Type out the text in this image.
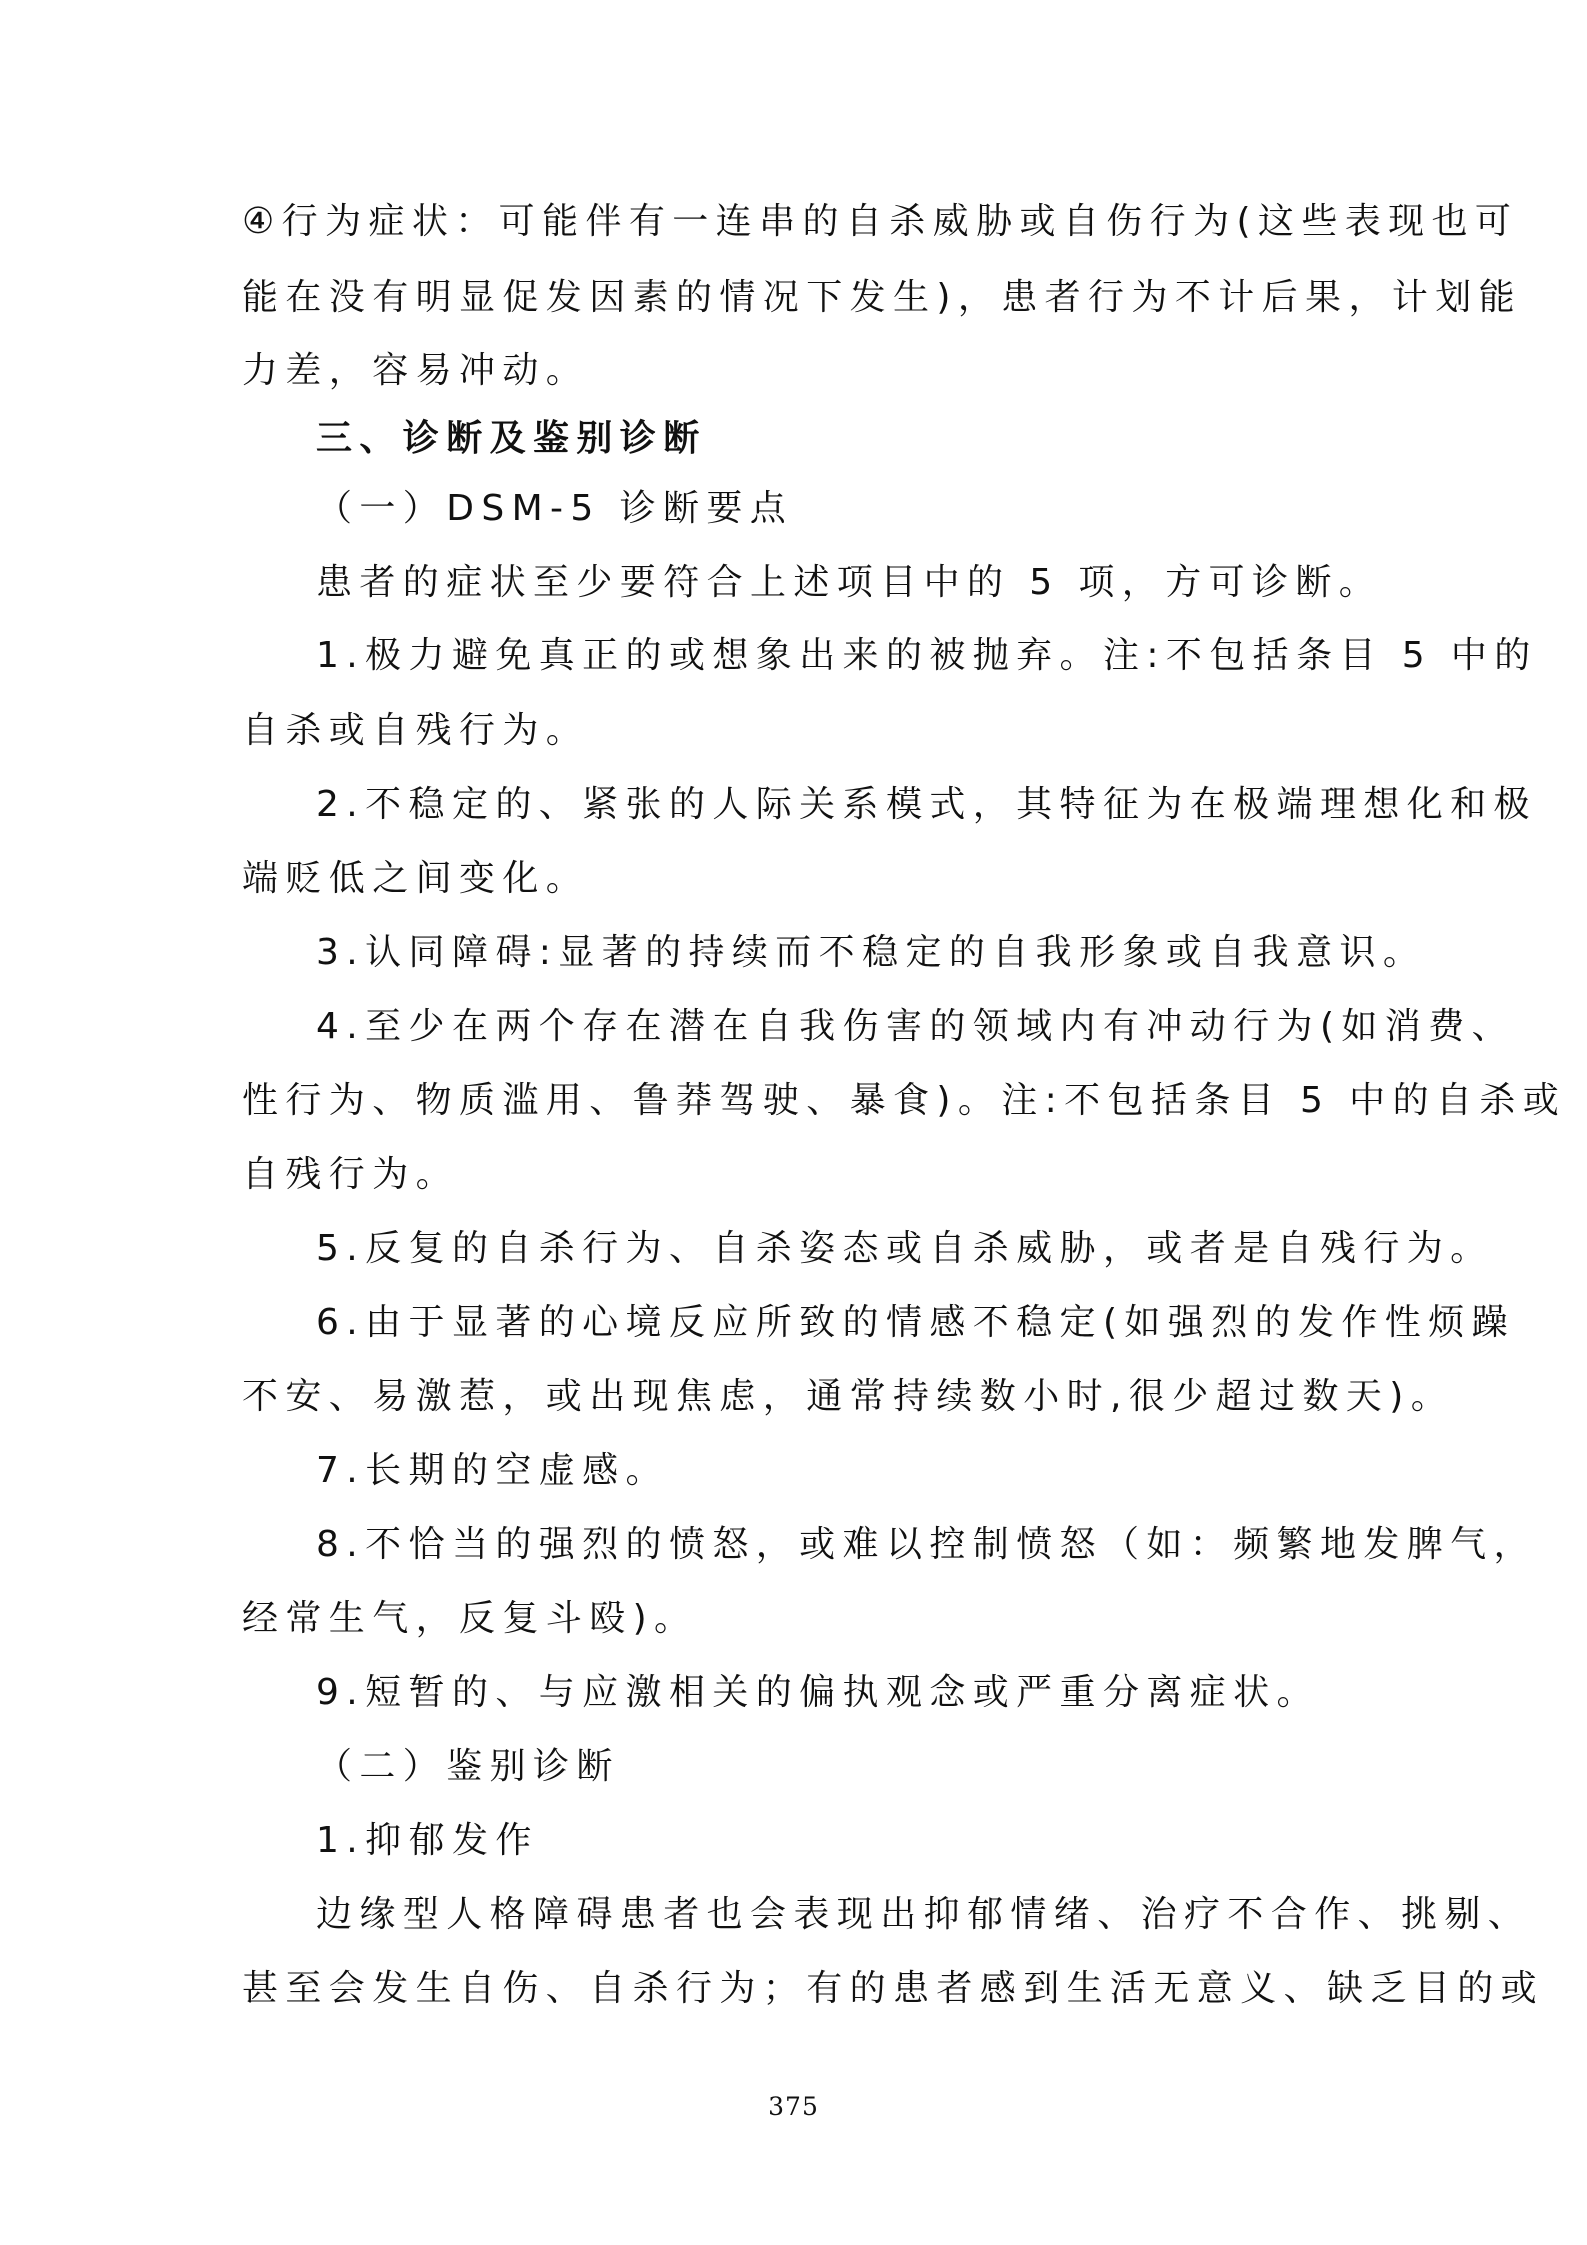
④行为症状：可能伴有一连串的自杀威胁或自伤行为(这些表现也可
能在没有明显促发因素的情况下发生)，患者行为不计后果，计划能
力差，容易冲动。
三、诊断及鉴别诊断
（一）DSM-5 诊断要点
患者的症状至少要符合上述项目中的 5 项，方可诊断。
1.极力避免真正的或想象出来的被抛弃。注:不包括条目 5 中的
自杀或自残行为。
2.不稳定的、紧张的人际关系模式，其特征为在极端理想化和极
端贬低之间变化。
3.认同障碍:显著的持续而不稳定的自我形象或自我意识。
4.至少在两个存在潜在自我伤害的领域内有冲动行为(如消费、
性行为、物质滥用、鲁莽驾驶、暴食)。注:不包括条目 5 中的自杀或
自残行为。
5.反复的自杀行为、自杀姿态或自杀威胁，或者是自残行为。
6.由于显著的心境反应所致的情感不稳定(如强烈的发作性烦躁
不安、易激惹，或出现焦虑，通常持续数小时,很少超过数天)。
7.长期的空虚感。
8.不恰当的强烈的愤怒，或难以控制愤怒（如：频繁地发脾气，
经常生气，反复斗殴)。
9.短暂的、与应激相关的偏执观念或严重分离症状。
（二）鉴别诊断
1.抑郁发作
边缘型人格障碍患者也会表现出抑郁情绪、治疗不合作、挑剔、
甚至会发生自伤、自杀行为；有的患者感到生活无意义、缺乏目的或
375
